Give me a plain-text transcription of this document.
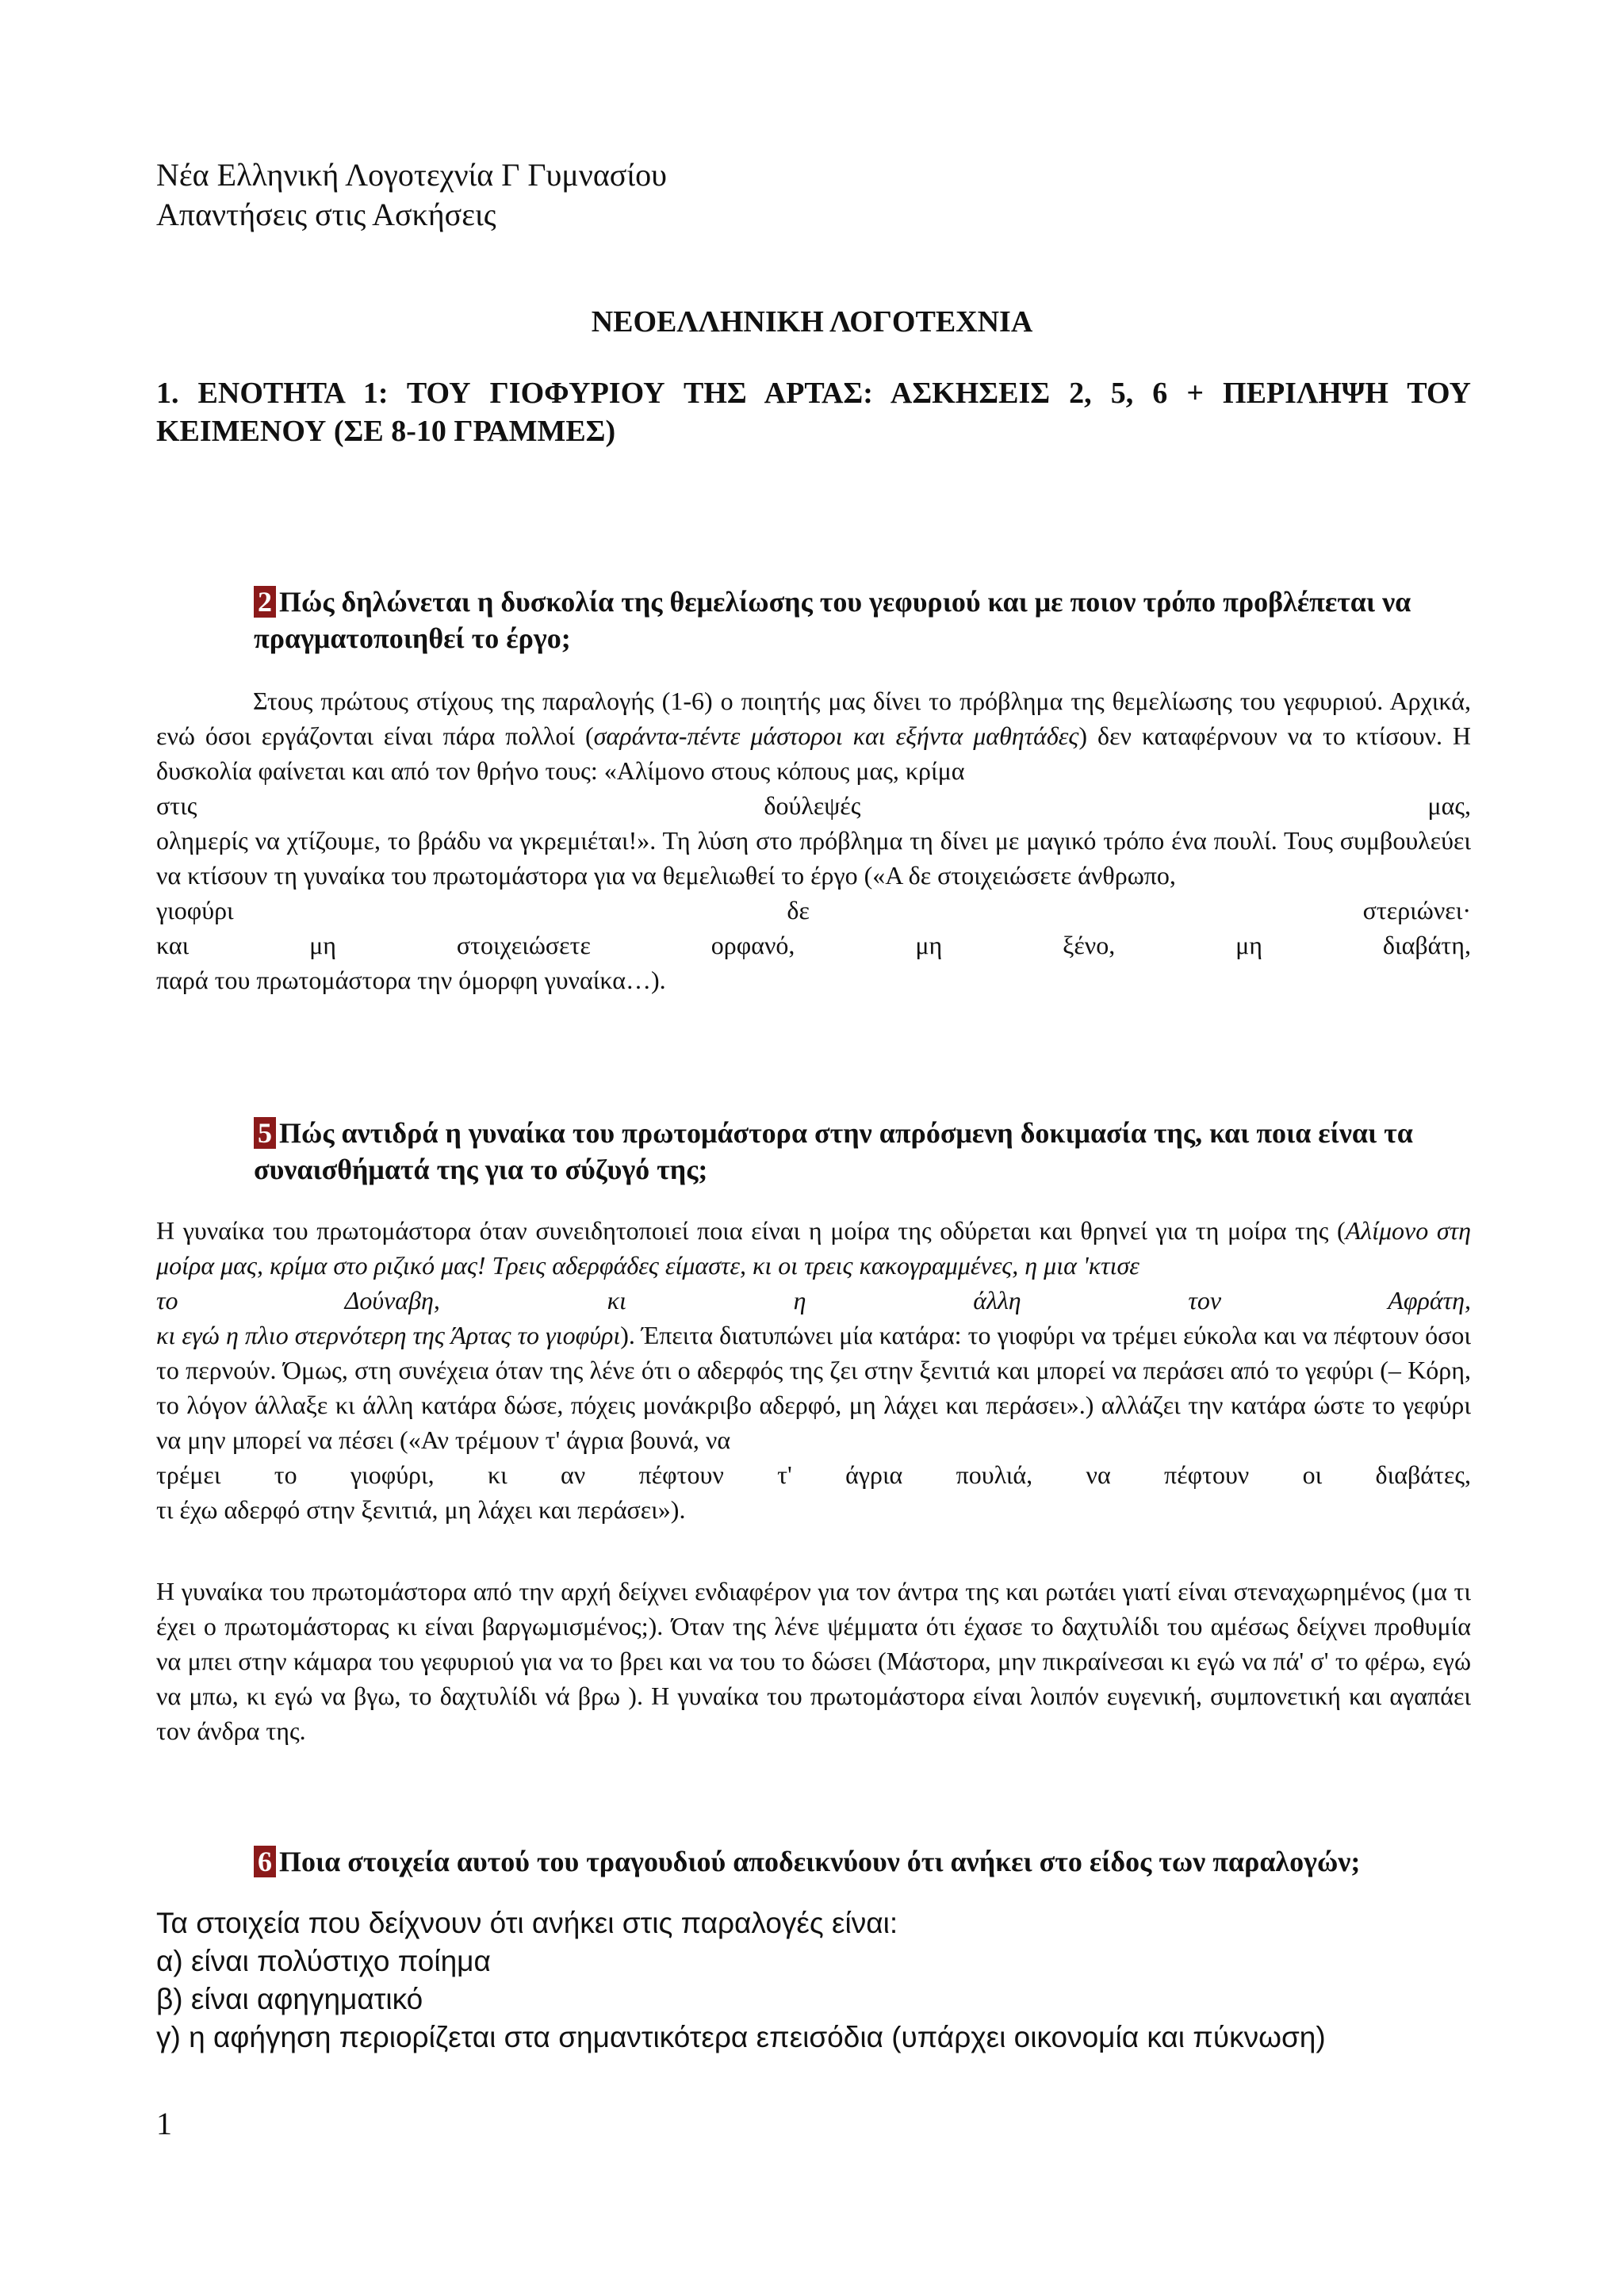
Νέα Ελληνική Λογοτεχνία Γ Γυμνασίου
Απαντήσεις στις Ασκήσεις
ΝΕΟΕΛΛΗΝΙΚΗ ΛΟΓΟΤΕΧΝΙΑ
1. ΕΝΟΤΗΤΑ 1: ΤΟΥ ΓΙΟΦΥΡΙΟΥ ΤΗΣ ΑΡΤΑΣ: ΑΣΚΗΣΕΙΣ 2, 5, 6 + ΠΕΡΙΛΗΨΗ ΤΟΥ ΚΕΙΜΕΝΟΥ (ΣΕ 8-10 ΓΡΑΜΜΕΣ)
2 Πώς δηλώνεται η δυσκολία της θεμελίωσης του γεφυριού και με ποιον τρόπο προβλέπεται να πραγματοποιηθεί το έργο;
Στους πρώτους στίχους της παραλογής (1-6) ο ποιητής μας δίνει το πρόβλημα της θεμελίωσης του γεφυριού. Αρχικά, ενώ όσοι εργάζονται είναι πάρα πολλοί (σαράντα-πέντε μάστοροι και εξήντα μαθητάδες) δεν καταφέρνουν να το κτίσουν. Η δυσκολία φαίνεται και από τον θρήνο τους: «Αλίμονο στους κόπους μας, κρίμα
στις δούλεψές μας,
ολημερίς να χτίζουμε, το βράδυ να γκρεμιέται!». Τη λύση στο πρόβλημα τη δίνει με μαγικό τρόπο ένα πουλί. Τους συμβουλεύει να κτίσουν τη γυναίκα του πρωτομάστορα για να θεμελιωθεί το έργο («Α δε στοιχειώσετε άνθρωπο,
γιοφύρι δε στεριώνει·
και μη στοιχειώσετε ορφανό, μη ξένο, μη διαβάτη,
παρά του πρωτομάστορα την όμορφη γυναίκα…).
5 Πώς αντιδρά η γυναίκα του πρωτομάστορα στην απρόσμενη δοκιμασία της, και ποια είναι τα συναισθήματά της για το σύζυγό της;
Η γυναίκα του πρωτομάστορα όταν συνειδητοποιεί ποια είναι η μοίρα της οδύρεται και θρηνεί για τη μοίρα της (Αλίμονο στη μοίρα μας, κρίμα στο ριζικό μας! Τρεις αδερφάδες είμαστε, κι οι τρεις κακογραμμένες, η μια 'κτισε
το Δούναβη, κι η άλλη τον Αφράτη,
κι εγώ η πλιο στερνότερη της Άρτας το γιοφύρι). Έπειτα διατυπώνει μία κατάρα: το γιοφύρι να τρέμει εύκολα και να πέφτουν όσοι το περνούν. Όμως, στη συνέχεια όταν της λένε ότι ο αδερφός της ζει στην ξενιτιά και μπορεί να περάσει από το γεφύρι (– Κόρη, το λόγον άλλαξε κι άλλη κατάρα δώσε, πόχεις μονάκριβο αδερφό, μη λάχει και περάσει».) αλλάζει την κατάρα ώστε το γεφύρι να μην μπορεί να πέσει («Αν τρέμουν τ' άγρια βουνά, να
τρέμει το γιοφύρι, κι αν πέφτουν τ' άγρια πουλιά, να πέφτουν οι διαβάτες,
τι έχω αδερφό στην ξενιτιά, μη λάχει και περάσει»).
Η γυναίκα του πρωτομάστορα από την αρχή δείχνει ενδιαφέρον για τον άντρα της και ρωτάει γιατί είναι στεναχωρημένος (μα τι έχει ο πρωτομάστορας κι είναι βαργωμισμένος;). Όταν της λένε ψέμματα ότι έχασε το δαχτυλίδι του αμέσως δείχνει προθυμία να μπει στην κάμαρα του γεφυριού για να το βρει και να του το δώσει (Μάστορα, μην πικραίνεσαι κι εγώ να πά' σ' το φέρω, εγώ να μπω, κι εγώ να βγω, το δαχτυλίδι νά βρω ). Η γυναίκα του πρωτομάστορα είναι λοιπόν ευγενική, συμπονετική και αγαπάει τον άνδρα της.
6 Ποια στοιχεία αυτού του τραγουδιού αποδεικνύουν ότι ανήκει στο είδος των παραλογών;
Τα στοιχεία που δείχνουν ότι ανήκει στις παραλογές είναι:
α) είναι πολύστιχο ποίημα
β) είναι αφηγηματικό
γ) η αφήγηση περιορίζεται στα σημαντικότερα επεισόδια (υπάρχει οικονομία και πύκνωση)
1
